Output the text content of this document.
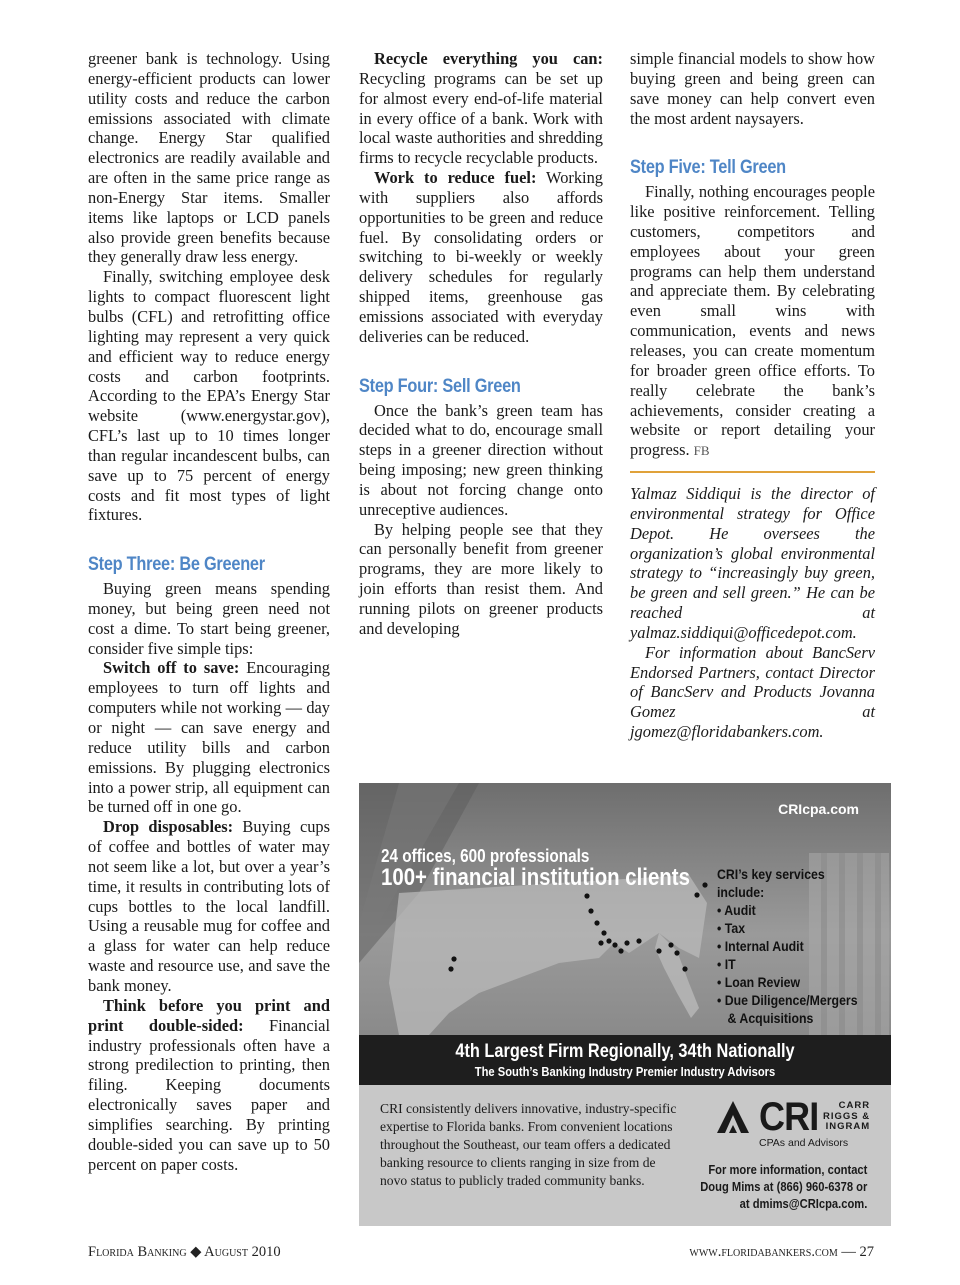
greener bank is technology. Using energy-efficient products can lower utility costs and reduce the carbon emissions associated with climate change. Energy Star qualified electronics are readily available and are often in the same price range as non-Energy Star items. Smaller items like laptops or LCD panels also provide green benefits because they generally draw less energy.

Finally, switching employee desk lights to compact fluorescent light bulbs (CFL) and retrofitting office lighting may represent a very quick and efficient way to reduce energy costs and carbon footprints. According to the EPA’s Energy Star website (www.energystar.gov), CFL’s last up to 10 times longer than regular incandescent bulbs, can save up to 75 percent of energy costs and fit most types of light fixtures.

Step Three: Be Greener

Buying green means spending money, but being green need not cost a dime. To start being greener, consider five simple tips:

Switch off to save: Encouraging employees to turn off lights and computers while not working — day or night — can save energy and reduce utility bills and carbon emissions. By plugging electronics into a power strip, all equipment can be turned off in one go.

Drop disposables: Buying cups of coffee and bottles of water may not seem like a lot, but over a year’s time, it results in contributing lots of cups bottles to the local landfill. Using a reusable mug for coffee and a glass for water can help reduce waste and resource use, and save the bank money.

Think before you print and print double-sided: Financial industry professionals often have a strong predilection to printing, then filing. Keeping documents electronically saves paper and simplifies searching. By printing double-sided you can save up to 50 percent on paper costs.

Recycle everything you can: Recycling programs can be set up for almost every end-of-life material in every office of a bank. Work with local waste authorities and shredding firms to recycle recyclable products.

Work to reduce fuel: Working with suppliers also affords opportunities to be green and reduce fuel. By consolidating orders or switching to bi-weekly or weekly delivery schedules for regularly shipped items, greenhouse gas emissions associated with everyday deliveries can be reduced.

Step Four: Sell Green

Once the bank’s green team has decided what to do, encourage small steps in a greener direction without being imposing; new green thinking is about not forcing change onto unreceptive audiences.

By helping people see that they can personally benefit from greener programs, they are more likely to join efforts than resist them. And running pilots on greener products and developing

simple financial models to show how buying green and being green can save money can help convert even the most ardent naysayers.

Step Five: Tell Green

Finally, nothing encourages people like positive reinforcement. Telling customers, competitors and employees about your green programs can help them understand and appreciate them. By celebrating even small wins with communication, events and news releases, you can create momentum for broader green office efforts. To really celebrate the bank’s achievements, consider creating a website or report detailing your progress. FB

Yalmaz Siddiqui is the director of environmental strategy for Office Depot. He oversees the organization’s global environmental strategy to “increasingly buy green, be green and sell green.” He can be reached at yalmaz.siddiqui@officedepot.com.

For information about BancServ Endorsed Partners, contact Director of BancServ and Products Jovanna Gomez at jgomez@floridabankers.com.

CRIcpa.com
24 offices, 600 professionals
100+ financial institution clients CRI’s key services include:
• Audit
• Tax
• Internal Audit
• IT
• Loan Review
• Due Diligence/Mergers & Acquisitions
4th Largest Firm Regionally, 34th Nationally
The South’s Banking Industry Premier Industry Advisors
CRI consistently delivers innovative, industry-specific expertise to Florida banks. From convenient locations throughout the Southeast, our team offers a dedicated banking resource to clients ranging in size from de novo status to publicly traded community banks.
CRI	CARR
RIGGS &
INGRAM
CPAs and Advisors
For more information, contact
Doug Mims at (866) 960-6378 or
at dmims@CRIcpa.com.
Florida Banking ◆ August 2010	www.floridabankers.com — 27
